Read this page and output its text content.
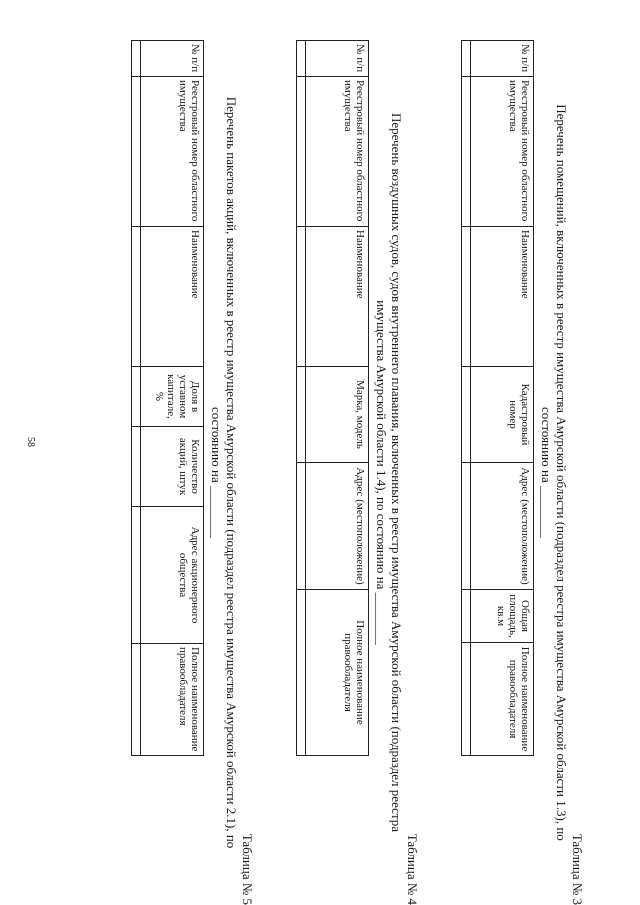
58
Таблица № 3
Перечень помещений, включенных в реестр имущества Амурской области (подраздел реестра имущества Амурской области 1.3), по
состоянию на ________
№ п/п	Реестровый номер областного имущества	Наименование	Кадастровый номер	Адрес (местоположение)	Общая площадь, кв.м	Полное наименование правообладателя

Таблица № 4
Перечень воздушных судов, судов внутреннего плавания, включенных в реестр имущества Амурской области (подраздел реестра
имущества Амурской области 1.4), по состоянию на ________
№ п/п	Реестровый номер областного имущества	Наименование	Марка, модель	Адрес (местоположение)	Полное наименование правообладателя

Таблица № 5
Перечень пакетов акций, включенных в реестр имущества Амурской области (подраздел реестра имущества Амурской области 2.1), по
состоянию на ________
№ п/п	Реестровый номер областного имущества	Наименование	Доля в уставном капитале, %	Количество акций, штук	Адрес акционерного общества	Полное наименование правообладателя
